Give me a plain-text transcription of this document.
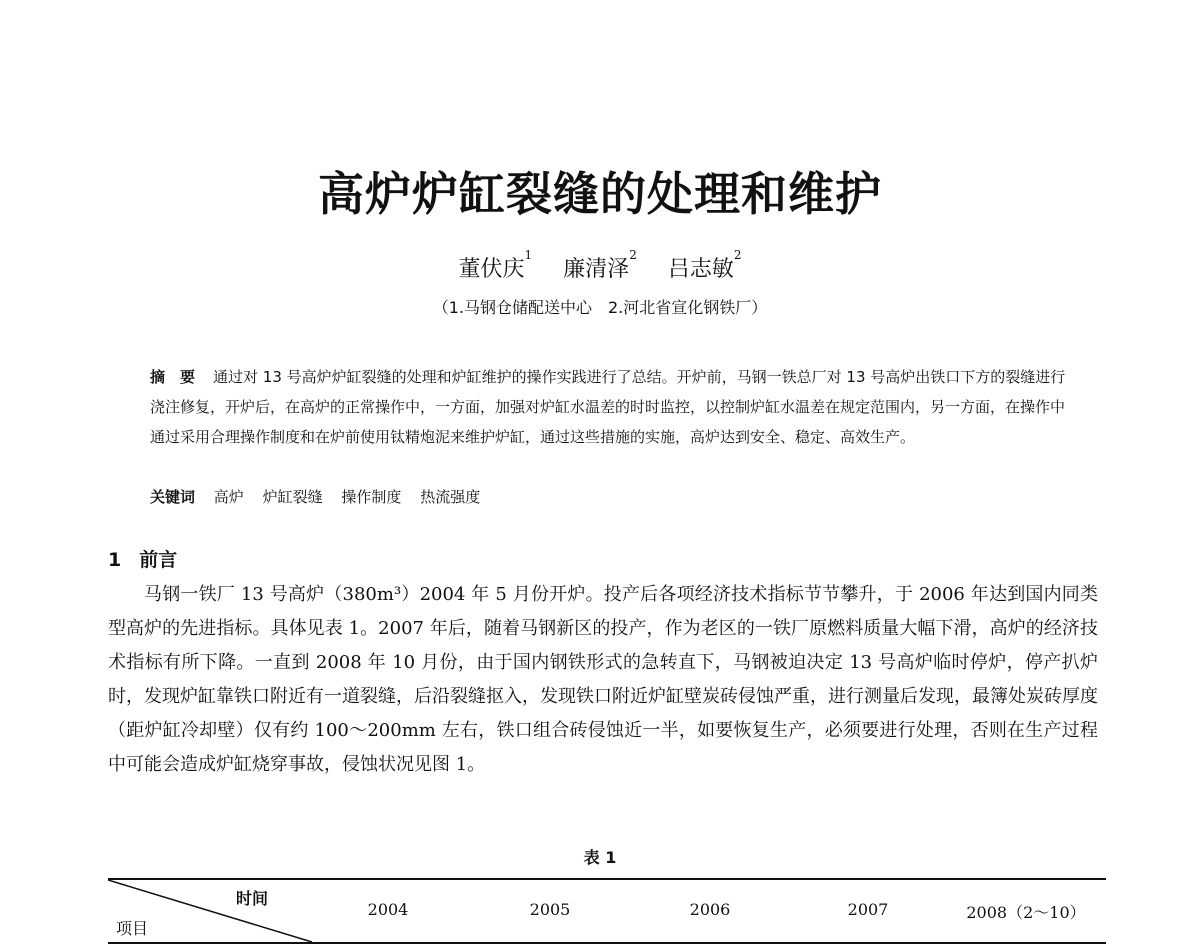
高炉炉缸裂缝的处理和维护
董伏庆$^1$ 廉清泽$^2$ 吕志敏$^2$
（1.马钢仓储配送中心　2.河北省宣化钢铁厂）
摘　要 通过对 13 号高炉炉缸裂缝的处理和炉缸维护的操作实践进行了总结。开炉前，马钢一铁总厂对 13 号高炉出铁口下方的裂缝进行浇注修复，开炉后，在高炉的正常操作中，一方面，加强对炉缸水温差的时时监控，以控制炉缸水温差在规定范围内，另一方面，在操作中通过采用合理操作制度和在炉前使用钛精炮泥来维护炉缸，通过这些措施的实施，高炉达到安全、稳定、高效生产。
关键词 高炉 炉缸裂缝 操作制度 热流强度
1 前言

马钢一铁厂 13 号高炉（380m³）2004 年 5 月份开炉。投产后各项经济技术指标节节攀升，于 2006 年达到国内同类型高炉的先进指标。具体见表 1。2007 年后，随着马钢新区的投产，作为老区的一铁厂原燃料质量大幅下滑，高炉的经济技术指标有所下降。一直到 2008 年 10 月份，由于国内钢铁形式的急转直下，马钢被迫决定 13 号高炉临时停炉，停产扒炉时，发现炉缸靠铁口附近有一道裂缝，后沿裂缝抠入，发现铁口附近炉缸壁炭砖侵蚀严重，进行测量后发现，最簿处炭砖厚度（距炉缸冷却壁）仅有约 100～200mm 左右，铁口组合砖侵蚀近一半，如要恢复生产，必须要进行处理，否则在生产过程中可能会造成炉缸烧穿事故，侵蚀状况见图 1。

表 1
时间
项目
2004	2005	2006	2007	2008（2～10）
